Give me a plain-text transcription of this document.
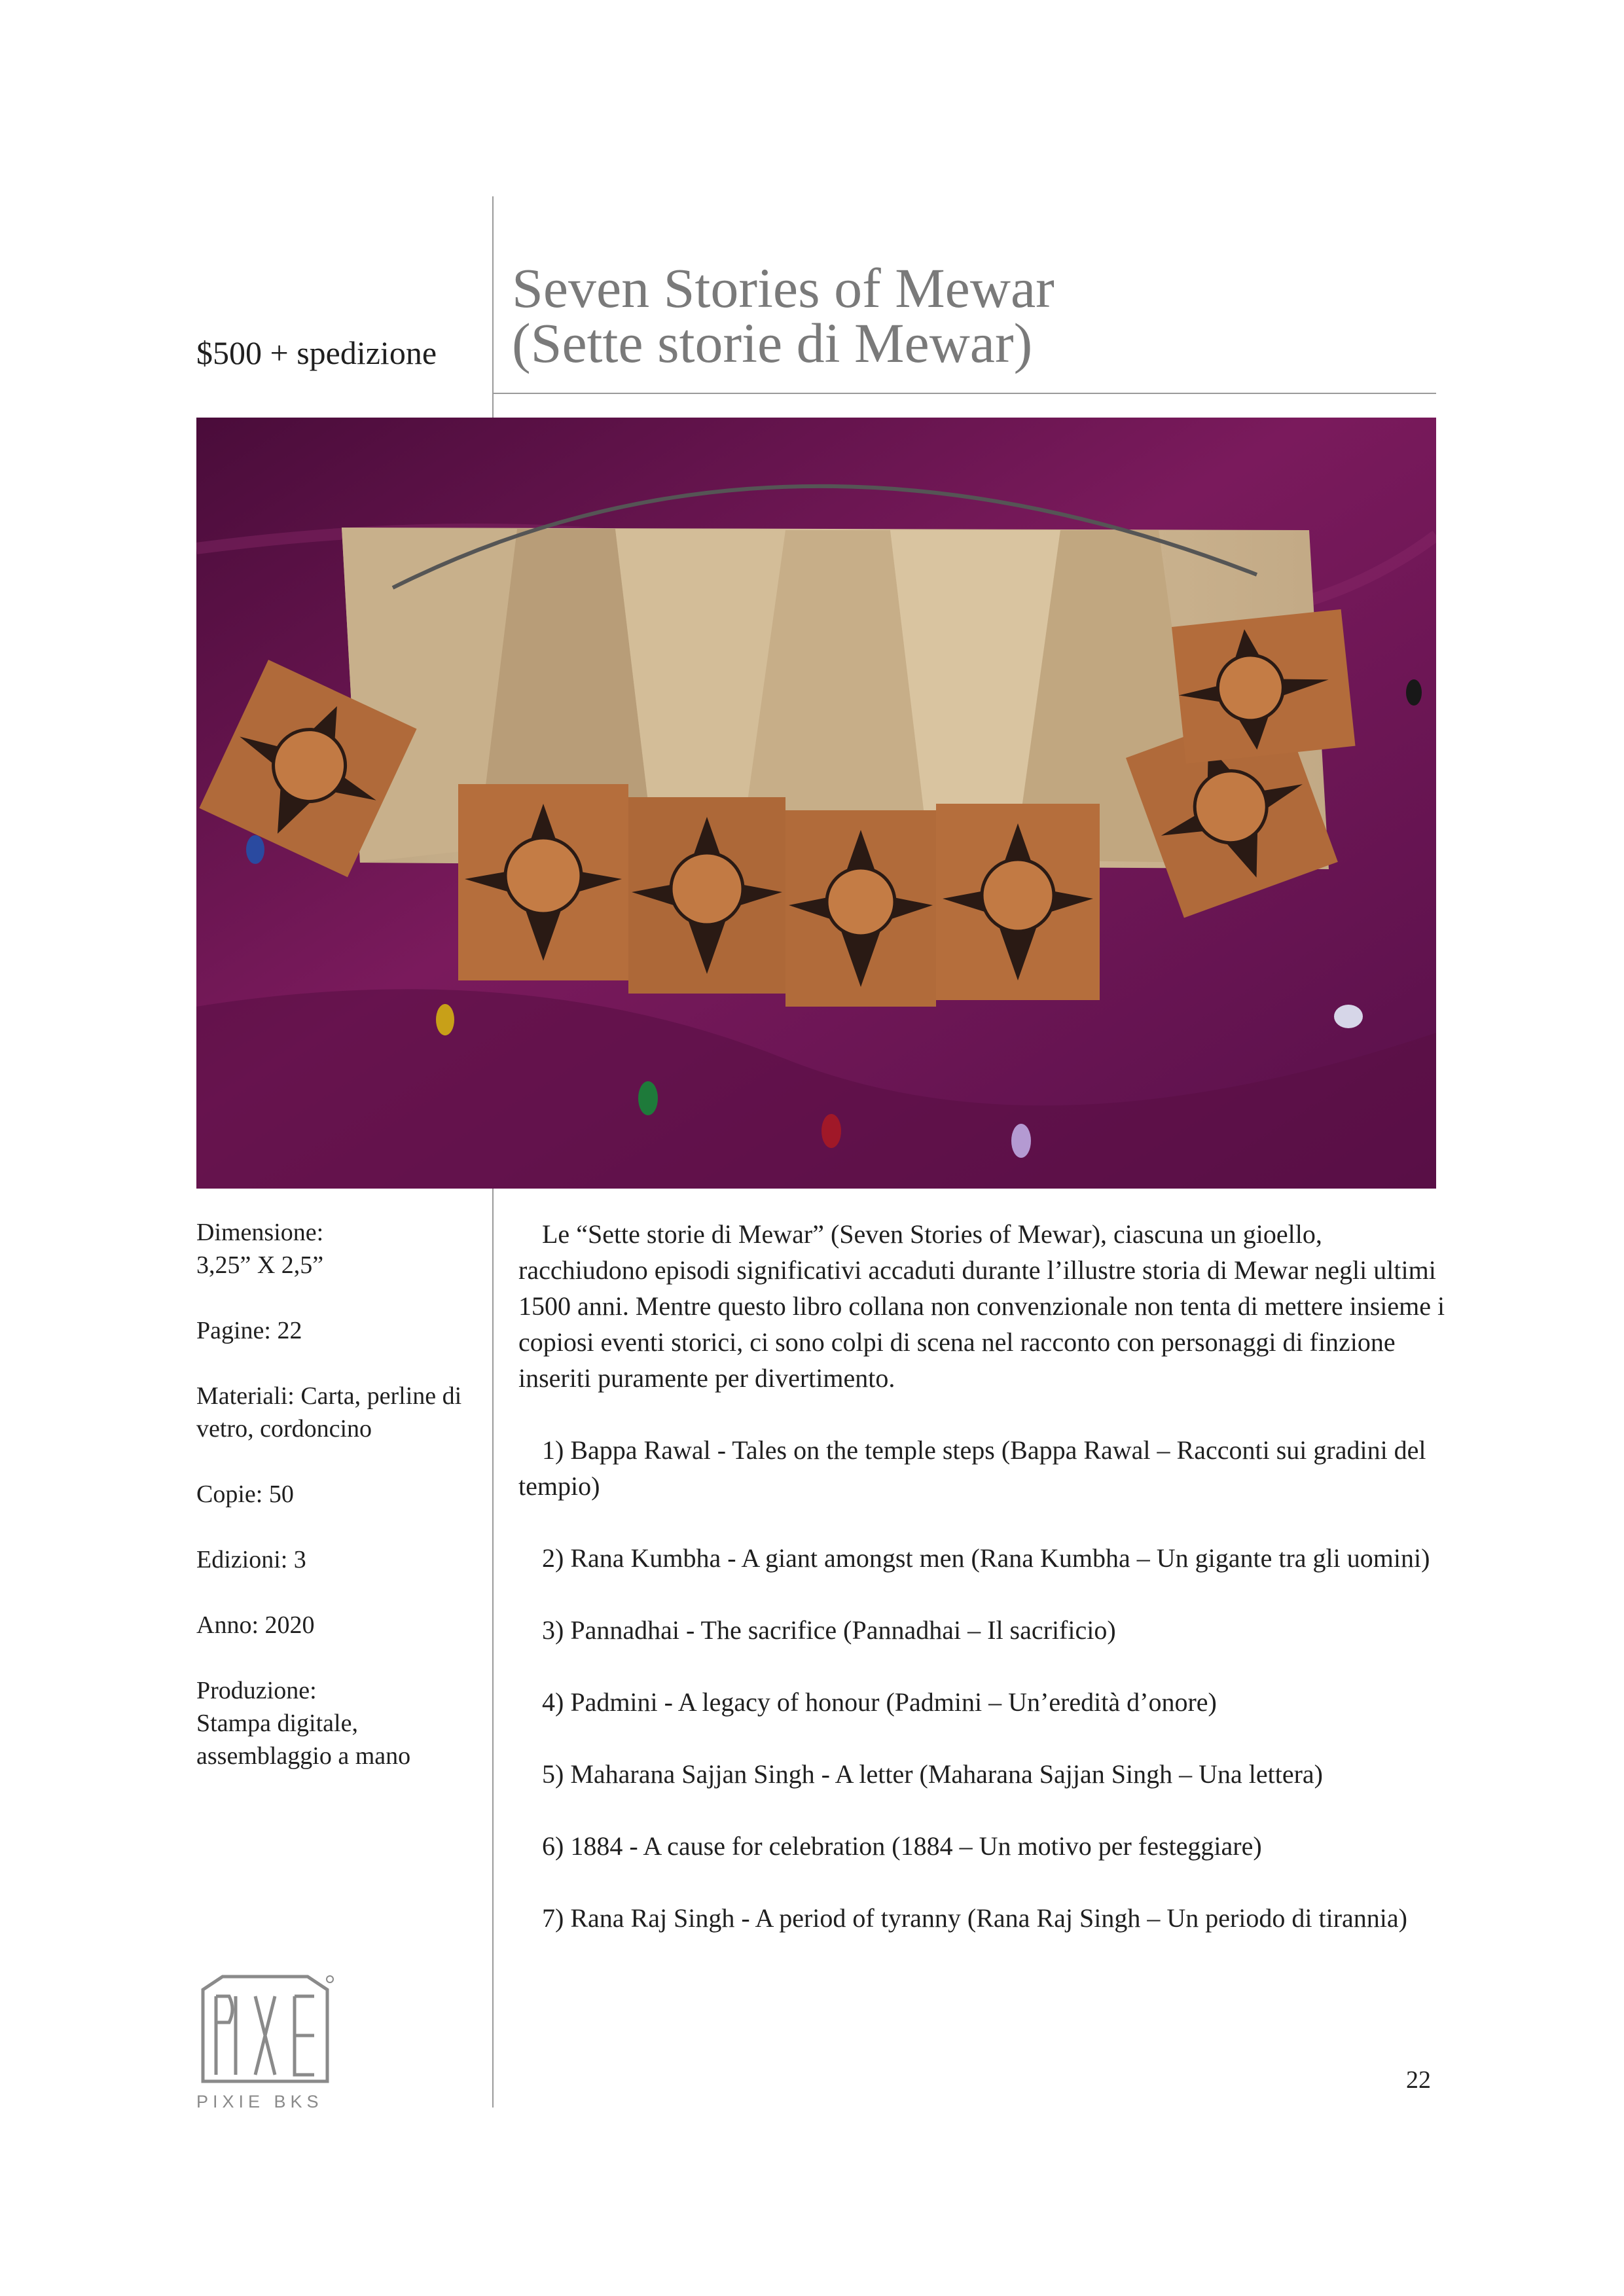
$500 + spedizione
Seven Stories of Mewar
(Sette storie di Mewar)
Dimensione:
3,25” X 2,5”
Pagine: 22
Materiali: Carta, perline di vetro, cordoncino
Copie: 50
Edizioni: 3
Anno: 2020
Produzione:
Stampa digitale, assemblaggio a mano

Le “Sette storie di Mewar” (Seven Stories of Mewar), ciascuna un gioello, racchiudono episodi significativi accaduti durante l’illustre storia di Mewar negli ultimi 1500 anni. Mentre questo libro collana non convenzionale non tenta di mettere insieme i copiosi eventi storici, ci sono colpi di scena nel racconto con personaggi di finzione inseriti puramente per divertimento.

1) Bappa Rawal - Tales on the temple steps (Bappa Rawal – Racconti sui gradini del tempio)

2) Rana Kumbha - A giant amongst men (Rana Kumbha – Un gigante tra gli uomini)

3) Pannadhai - The sacrifice (Pannadhai – Il sacrificio)

4) Padmini - A legacy of honour (Padmini – Un’eredità d’onore)

5) Maharana Sajjan Singh - A letter (Maharana Sajjan Singh – Una lettera)

6) 1884 - A cause for celebration (1884 – Un motivo per festeggiare)

7) Rana Raj Singh - A period of tyranny (Rana Raj Singh – Un periodo di tirannia)

PIXIE BKS
22
